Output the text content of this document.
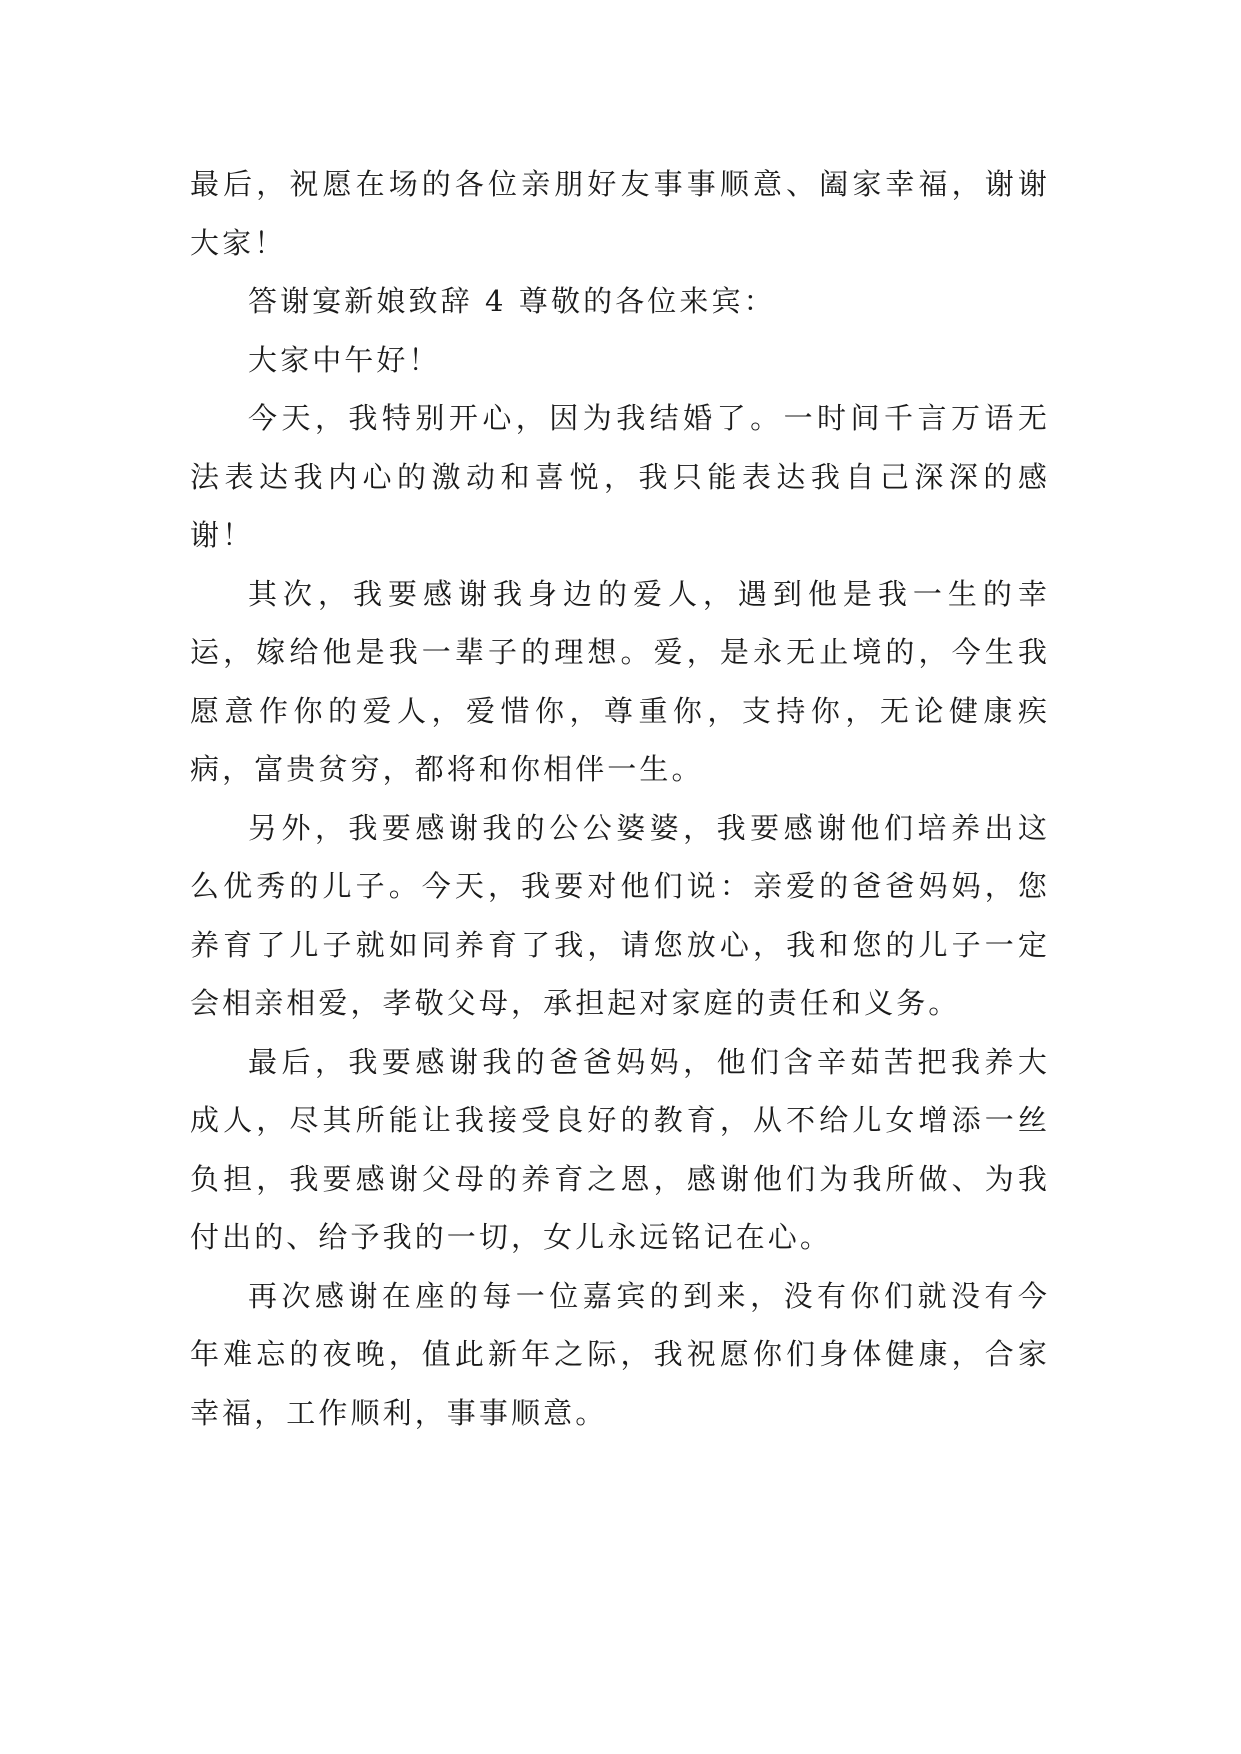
最后，祝愿在场的各位亲朋好友事事顺意、阖家幸福，谢谢大家！

答谢宴新娘致辞 4 尊敬的各位来宾：

大家中午好！

今天，我特别开心，因为我结婚了。一时间千言万语无法表达我内心的激动和喜悦，我只能表达我自己深深的感谢！

其次，我要感谢我身边的爱人，遇到他是我一生的幸运，嫁给他是我一辈子的理想。爱，是永无止境的，今生我愿意作你的爱人，爱惜你，尊重你，支持你，无论健康疾病，富贵贫穷，都将和你相伴一生。

另外，我要感谢我的公公婆婆，我要感谢他们培养出这么优秀的儿子。今天，我要对他们说：亲爱的爸爸妈妈，您养育了儿子就如同养育了我，请您放心，我和您的儿子一定会相亲相爱，孝敬父母，承担起对家庭的责任和义务。

最后，我要感谢我的爸爸妈妈，他们含辛茹苦把我养大成人，尽其所能让我接受良好的教育，从不给儿女增添一丝负担，我要感谢父母的养育之恩，感谢他们为我所做、为我付出的、给予我的一切，女儿永远铭记在心。

再次感谢在座的每一位嘉宾的到来，没有你们就没有今年难忘的夜晚，值此新年之际，我祝愿你们身体健康，合家幸福，工作顺利，事事顺意。
